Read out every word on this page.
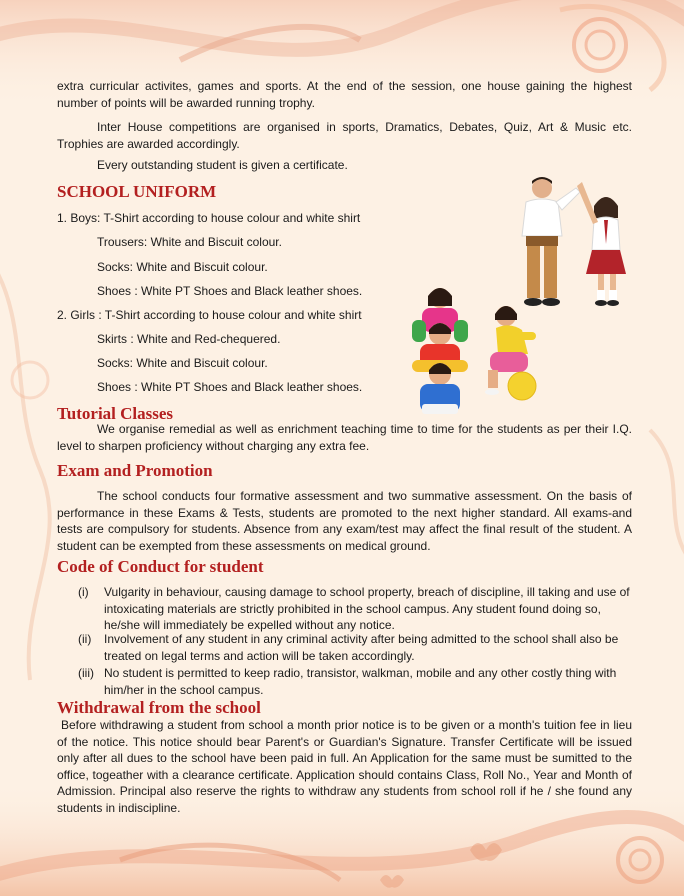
extra curricular activites, games and sports. At the end of the session, one house gaining the highest number of points will be awarded running trophy.

Inter House competitions are organised in sports, Dramatics, Debates, Quiz, Art & Music etc. Trophies are awarded accordingly.

Every outstanding student is given a certificate.

SCHOOL UNIFORM
1. Boys: T-Shirt according to house colour and white shirt
Trousers: White and Biscuit colour.
Socks: White and Biscuit colour.
Shoes : White PT Shoes and Black leather shoes.
2. Girls : T-Shirt according to house colour and white shirt
Skirts : White and Red-chequered.
Socks: White and Biscuit colour.
Shoes : White PT Shoes and Black leather shoes.
Tutorial Classes

We organise remedial as well as enrichment teaching time to time for the students as per their I.Q. level to sharpen proficiency without charging any extra fee.

Exam and Promotion

The school conducts four formative assessment and two summative assessment. On the basis of performance in these Exams & Tests, students are promoted to the next higher standard. All exams-and tests are compulsory for students. Absence from any exam/test may affect the final result of the student. A student can be exempted from these assessments on medical ground.

Code of Conduct for student
(i)	Vulgarity in behaviour, causing damage to school property, breach of discipline, ill taking and use of intoxicating materials are strictly prohibited in the school campus. Any student found doing so, he/she will immediately be expelled without any notice.
(ii)	Involvement of any student in any criminal activity after being admitted to the school shall also be treated on legal terms and action will be taken accordingly.
(iii) No student is permitted to keep radio, transistor, walkman, mobile and any other costly thing with him/her in the school campus.
Withdrawal from the school

Before withdrawing a student from school a month prior notice is to be given or a month's tuition fee in lieu of the notice. This notice should bear Parent's or Guardian's Signature. Transfer Certificate will be issued only after all dues to the school have been paid in full. An Application for the same must be sumitted to the office, togeather with a clearance certificate. Application should contains Class, Roll No., Year and Month of Admission. Principal also reserve the rights to withdraw any students from school roll if he / she found any students in indiscipline.
